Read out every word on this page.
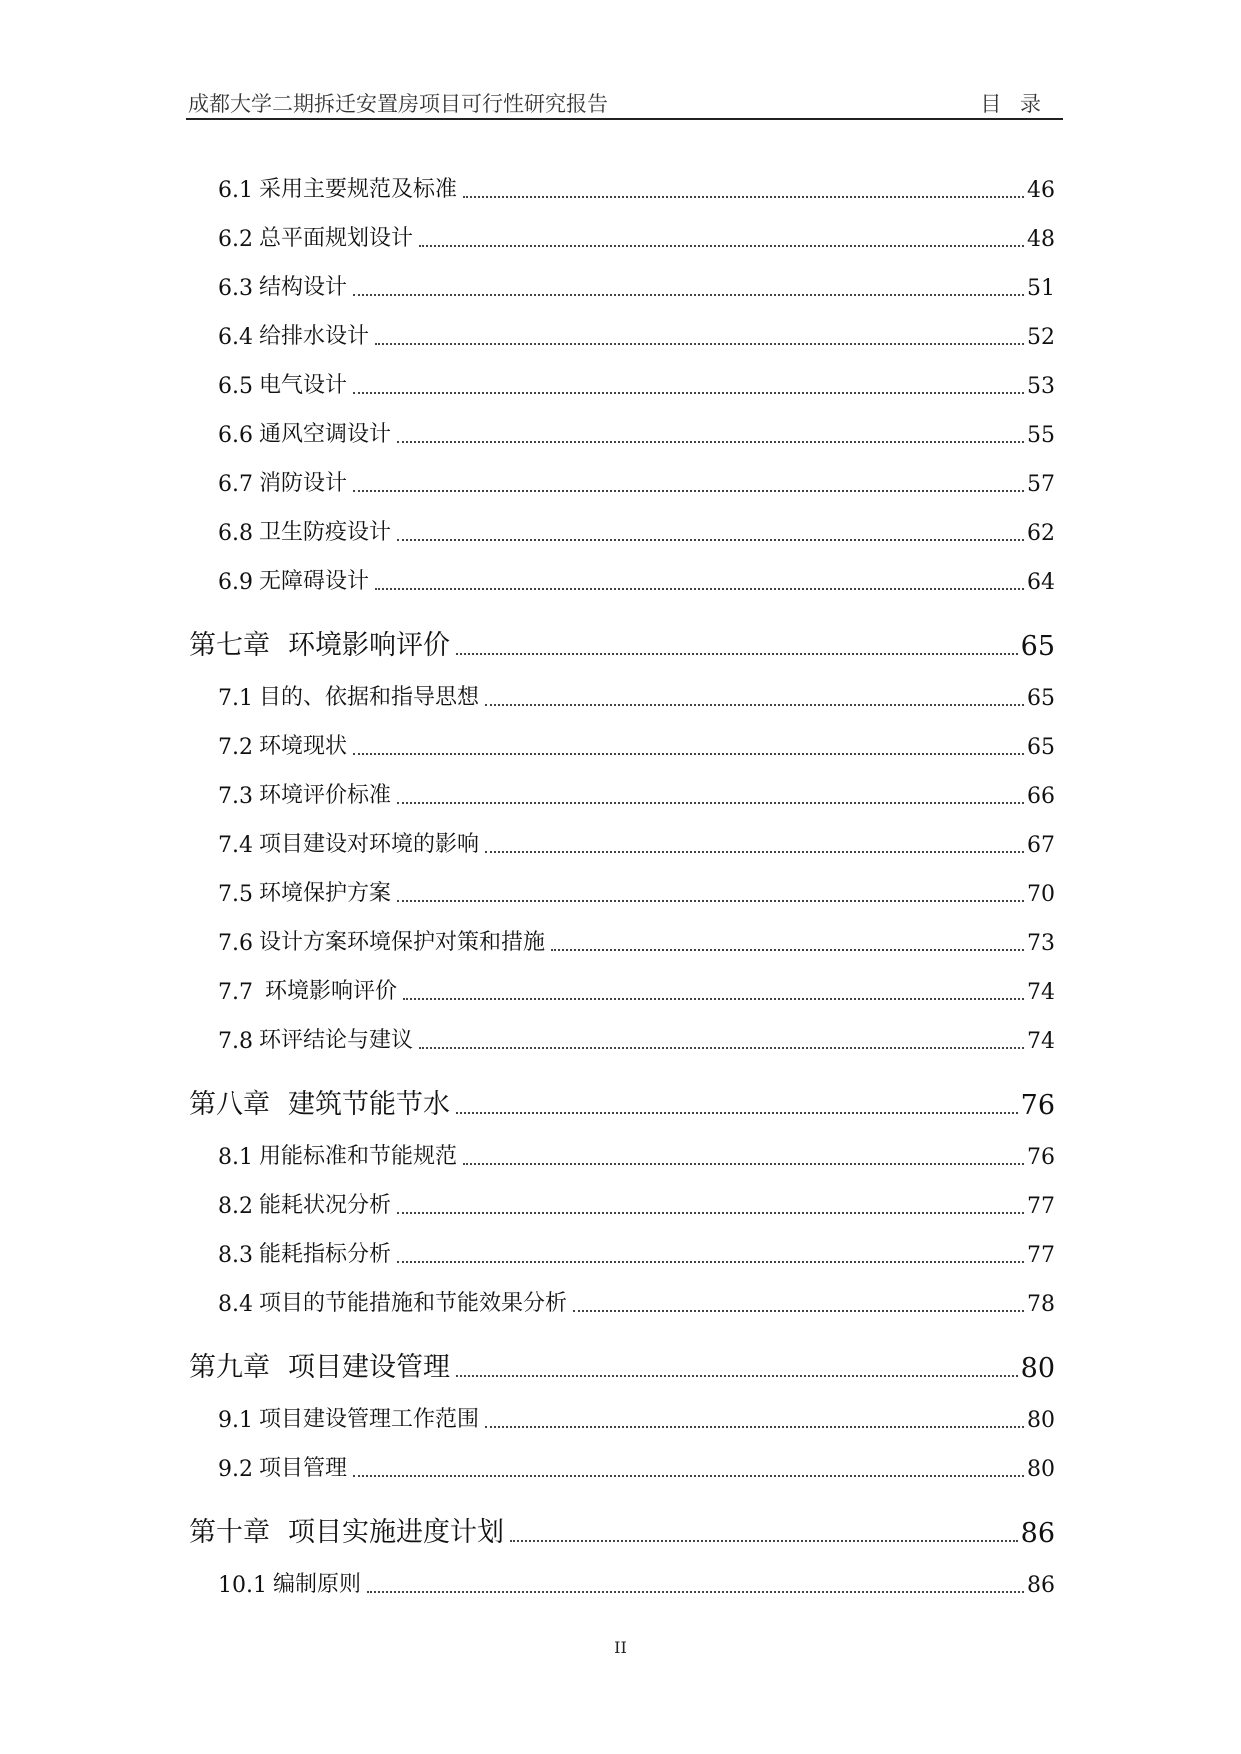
成都大学二期拆迁安置房项目可行性研究报告	目 录
6.1 采用主要规范及标准	46
6.2 总平面规划设计	48
6.3 结构设计	51
6.4 给排水设计	52
6.5 电气设计	53
6.6 通风空调设计	55
6.7 消防设计	57
6.8 卫生防疫设计	62
6.9 无障碍设计	64
第七章 环境影响评价	65
7.1 目的、依据和指导思想	65
7.2 环境现状	65
7.3 环境评价标准	66
7.4 项目建设对环境的影响	67
7.5 环境保护方案	70
7.6 设计方案环境保护对策和措施	73
7.7 环境影响评价	74
7.8 环评结论与建议	74
第八章 建筑节能节水	76
8.1 用能标准和节能规范	76
8.2 能耗状况分析	77
8.3 能耗指标分析	77
8.4 项目的节能措施和节能效果分析	78
第九章 项目建设管理	80
9.1 项目建设管理工作范围	80
9.2 项目管理	80
第十章 项目实施进度计划	86
10.1 编制原则	86
II
